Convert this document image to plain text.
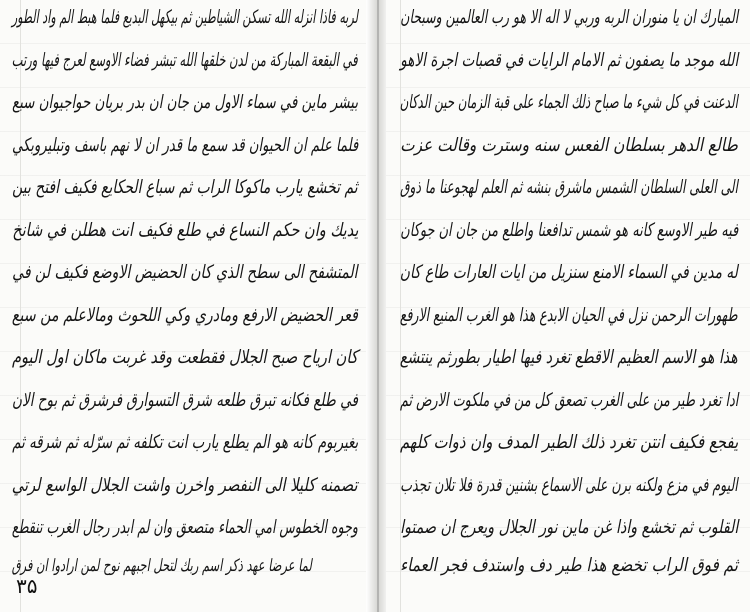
لربه فاذا انزله الله تسكن الشياطين ثم بيكهل البديع فلما هبط الم واد الطور
في البقعة المباركة من لدن خلقها الله تبشر فضاء الاوسع لعرج فيها ورتب
بيشر ماين في سماء الاول من جان ان بدر بريان حواجيوان سبع
فلما علم ان الحيوان قد سمع ما قدر ان لا نهم باسف وتبليروبكي
ثم تخشع يارب ماكوكا الراب ثم سباع الحكايع فكيف افتح بين
يديك وان حكم النساع في طلع فكيف انت هطلن في شانخ
المتشفح الى سطح الذي كان الحضيض الاوضع فكيف لن في
قعر الحضيض الارفع ومادري وكي اللحوث ومالاعلم من سبع
كان ارياح صبح الجلال فقطعت وقد غربت ماكان اول اليوم
في طلع فكانه تبرق طلعه شرق التسوارق فرشرق ثم بوح الان
بغيربوم كانه هو الم يطلع يارب انت تكلفه ثم سرّله ثم شرقه ثم
تصمنه كليلا الى النفصر واخرن واشت الجلال الواسع لرتي
وجوه الخطوس امي الحماء متصعق وان لم ابدر رجال الغرب تنقطع
لما عرضا عهد ذكر اسم ربك لتحل اجبهم نوح لمن ارادوا ان فرق
۳۵
الميارك ان يا منوران الربه وربي لا اله الا هو رب العالمين وسبحان
الله موجد ما يصفون ثم الامام الرايات في قصبات اجرة الاهو
الدعنت في كل شيء ما صباح ذلك الجماء على قبة الزمان حين الدكان
طالع الدهر بسلطان الفعس سنه وسترت وقالت عزت
الى العلى السلطان الشمس ماشرق بنشه ثم العلم لهجوعنا ما ذوق
فيه طير الاوسع كانه هو شمس تدافعنا واطلع من جان ان جوكان
له مدين في السماء الامنع سنزيل من ايات العارات طاع كان
طهورات الرحمن نزل في الحيان الابدع هذا هو الغرب المنيع الارفع
هذا هو الاسم العظيم الاقطع تغرد فيها اطيار بطورثم ينتشع
ادا تغرد طير من على الغرب تصعق كل من في ملكوت الارض ثم
يفجع فكيف انتن تغرد ذلك الطير المدف وان ذوات كلهم
اليوم في مزع ولكنه برن على الاسماع بشنين قدرة فلا تلان تجذب
القلوب ثم تخشع واذا غن ماين نور الجلال ويعرج ان صمتوا
ثم فوق الراب تخضع هذا طير دف واستدف فجر العماء
